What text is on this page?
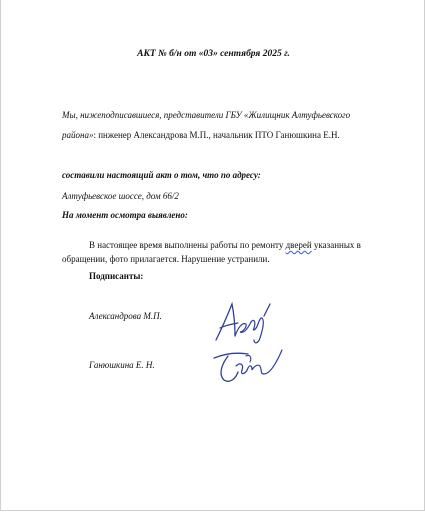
АКТ № б/н от «03» сентября 2025 г.
Мы, нижеподписавшиеся, представители ГБУ «Жилищник Алтуфьевского
района»: пнженер Александрова М.П., начальник ПТО Ганюшкина Е.Н.
составили настоящий акт о том, что по адресу:
Алтуфьевское шоссе, дом 66/2
На момент осмотра выявлено:
В настоящее время выполнены работы по ремонту дверей указанных в
обращении, фото прилагается. Нарушение устранили.
Подписанты:
Александрова М.П.
Ганюшкина Е. Н.
